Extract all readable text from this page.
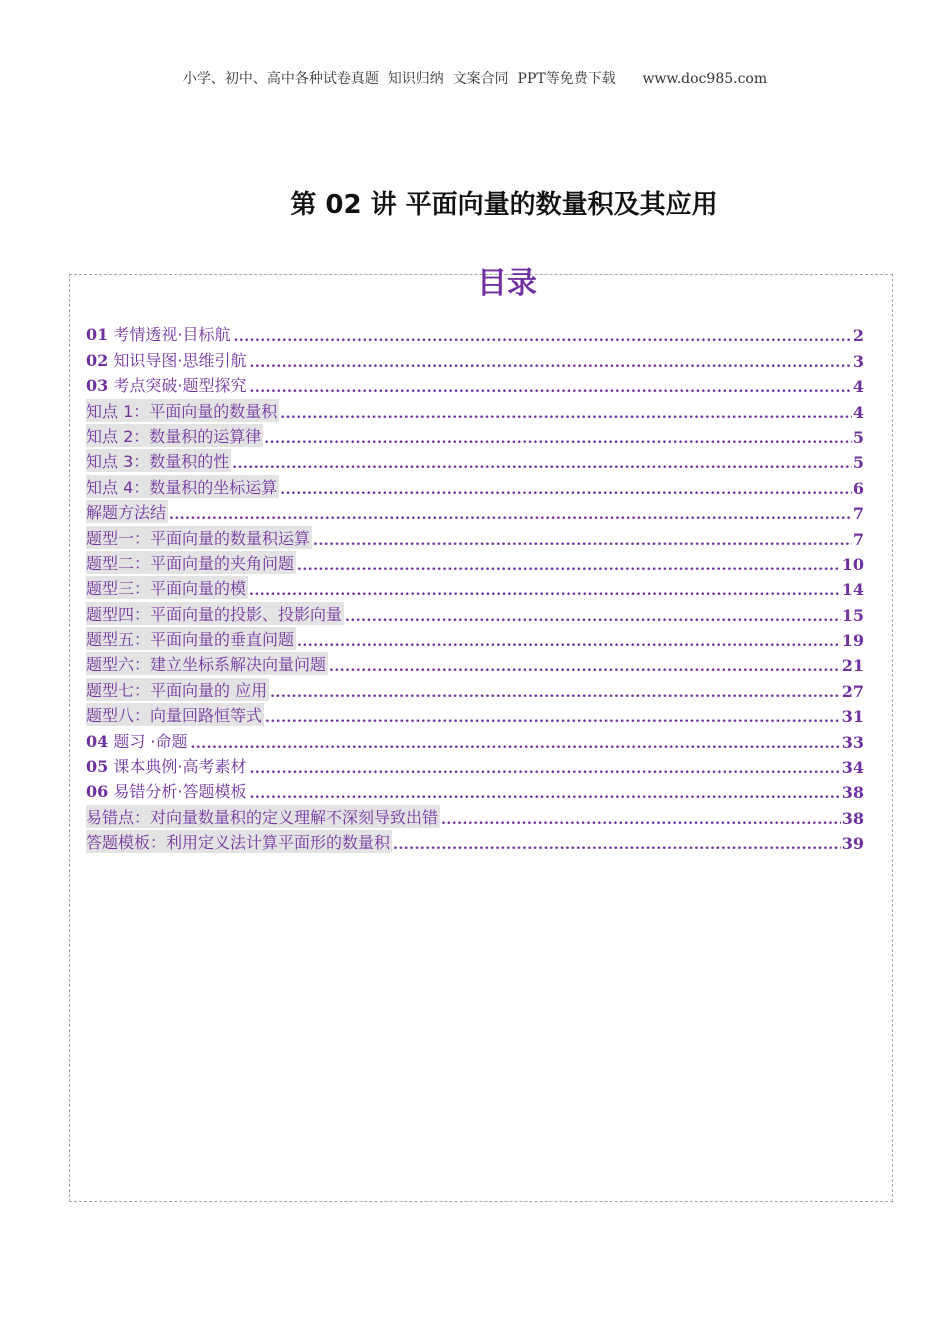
小学、初中、高中各种试卷真题  知识归纳  文案合同  PPT等免费下载      www.doc985.com
第 02 讲 平面向量的数量积及其应用
目录
01 考情透视·目标航 .....	2
02 知识导图·思维引航 .....	3
03 考点突破·题型探究 .....	4
知点 1：平面向量的数量积 .....	4
知点 2：数量积的运算律 .....	5
知点 3：数量积的性 .....	5
知点 4：数量积的坐标运算 .....	6
解题方法结 .....	7
题型一：平面向量的数量积运算 .....	7
题型二：平面向量的夹角问题 .....	10
题型三：平面向量的模 .....	14
题型四：平面向量的投影、投影向量 .....	15
题型五：平面向量的垂直问题 .....	19
题型六：建立坐标系解决向量问题 .....	21
题型七：平面向量的 应用 .....	27
题型八：向量回路恒等式 .....	31
04 题习 ·命题 .....	33
05 课本典例·高考素材 .....	34
06 易错分析·答题模板 .....	38
易错点：对向量数量积的定义理解不深刻导致出错 .....	38
答题模板：利用定义法计算平面形的数量积 .....	39
